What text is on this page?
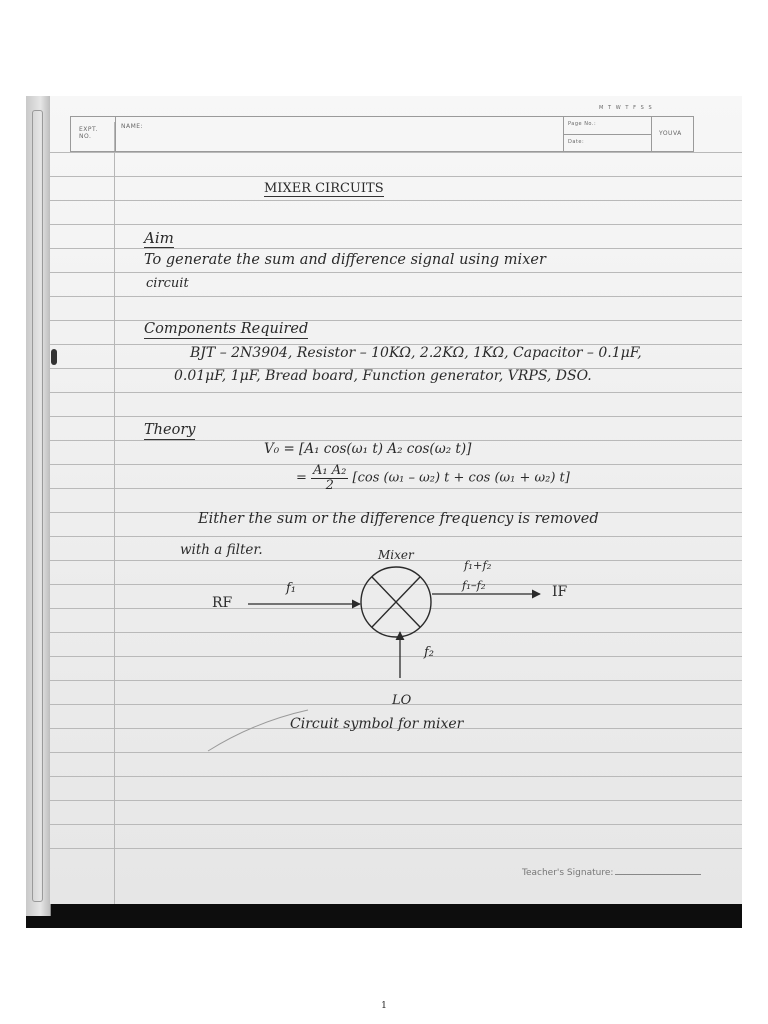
EXPT.
NO.
NAME:
M  T  W  T  F  S  S
Page No.:
Date:
YOUVA
MIXER CIRCUITS
Aim
To generate the sum and difference signal using mixer
circuit
Components Required
BJT – 2N3904, Resistor – 10KΩ, 2.2KΩ, 1KΩ, Capacitor – 0.1μF,
0.01μF, 1μF, Bread board, Function generator, VRPS, DSO.
Theory
V₀ = [A₁ cos(ω₁ t) A₂ cos(ω₂ t)]
= $\frac{\text{A₁ A₂}}{2} [\cos$ (ω₁ – ω₂) t + cos (ω₁ + ω₂) t]
Either the sum or the difference frequency is removed
with a filter.	Mixer
RF
f₁
f₁+f₂
f₁–f₂	IF
f₂
LO
Circuit symbol for mixer
Teacher's Signature:
1
